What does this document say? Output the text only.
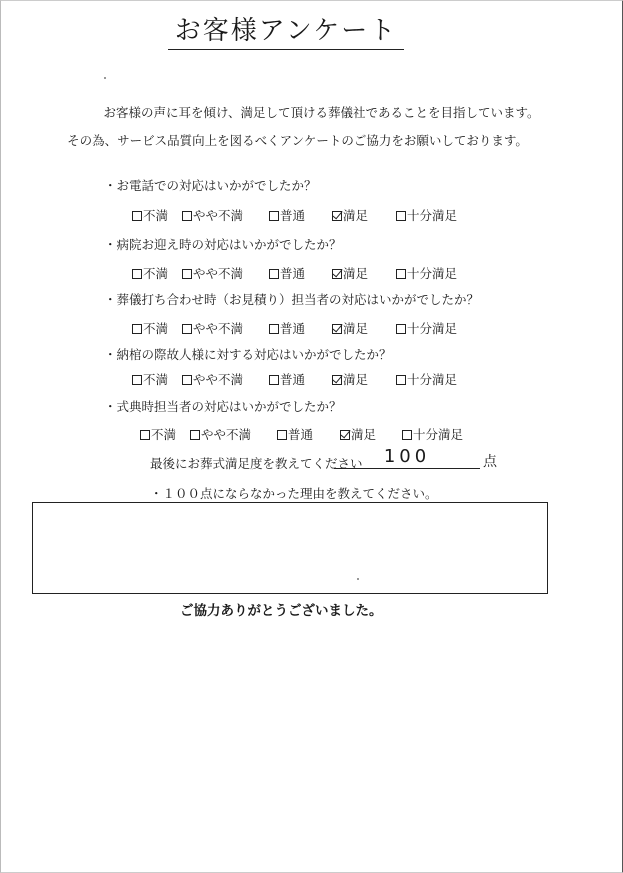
お客様アンケート
お客様の声に耳を傾け、満足して頂ける葬儀社であることを目指しています。
その為、サービス品質向上を図るべくアンケートのご協力をお願いしております。
・お電話での対応はいかがでしたか？
不満	やや不満	普通	満足	十分満足
・病院お迎え時の対応はいかがでしたか？
不満	やや不満	普通	満足	十分満足
・葬儀打ち合わせ時（お見積り）担当者の対応はいかがでしたか？
不満	やや不満	普通	満足	十分満足
・納棺の際故人様に対する対応はいかがでしたか？
不満	やや不満	普通	満足	十分満足
・式典時担当者の対応はいかがでしたか？
不満	やや不満	普通	満足	十分満足
最後にお葬式満足度を教えてください	100	点
・１００点にならなかった理由を教えてください。
ご協力ありがとうございました。
